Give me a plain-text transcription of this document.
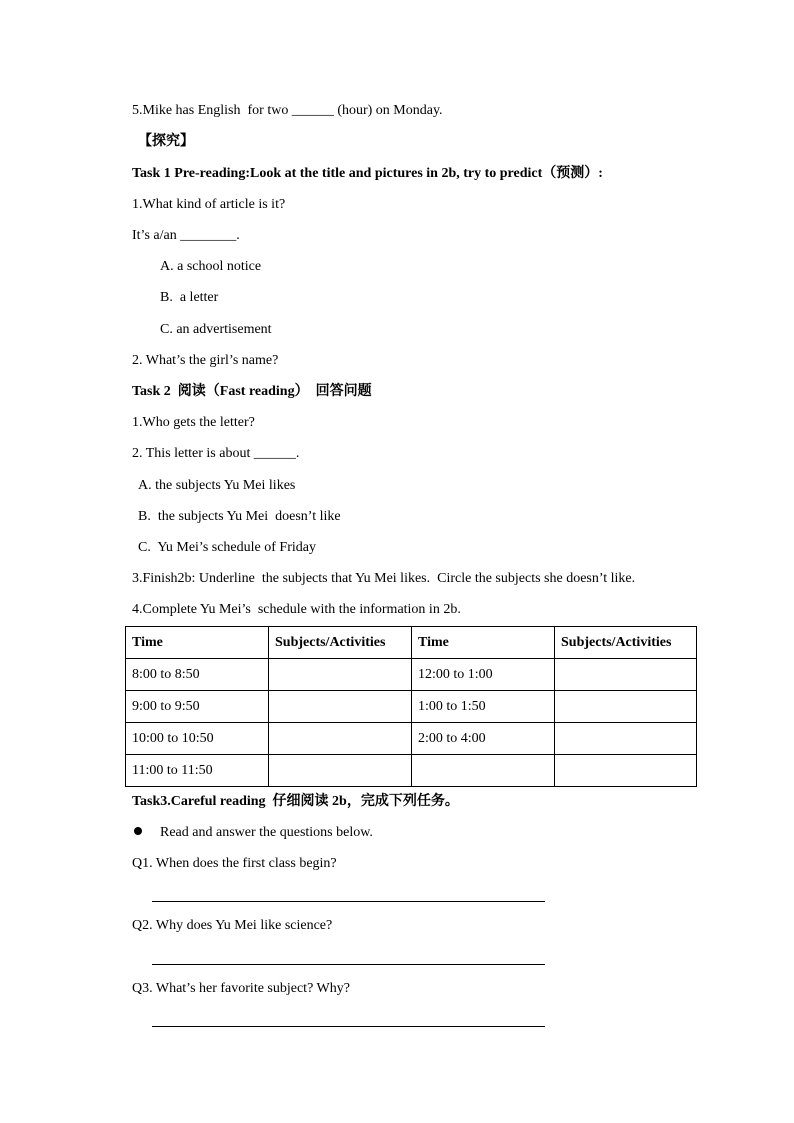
5.Mike has English  for two ______ (hour) on Monday.
【探究】
Task 1 Pre-reading:Look at the title and pictures in 2b, try to predict（预测）:
1.What kind of article is it?
It’s a/an ________.
A. a school notice
B.  a letter
C. an advertisement
2. What’s the girl’s name?
Task 2  阅读（Fast reading）  回答问题
1.Who gets the letter?
2. This letter is about ______.
A. the subjects Yu Mei likes
B.  the subjects Yu Mei  doesn’t like
C.  Yu Mei’s schedule of Friday
3.Finish2b: Underline  the subjects that Yu Mei likes.  Circle the subjects she doesn’t like.
4.Complete Yu Mei’s  schedule with the information in 2b.
Time	Subjects/Activities	Time	Subjects/Activities
8:00 to 8:50		12:00 to 1:00	
9:00 to 9:50		1:00 to 1:50	
10:00 to 10:50		2:00 to 4:00	
11:00 to 11:50			
Task3.Careful reading  仔细阅读 2b，完成下列任务。
Read and answer the questions below.
Q1. When does the first class begin?
Q2. Why does Yu Mei like science?
Q3. What’s her favorite subject? Why?
